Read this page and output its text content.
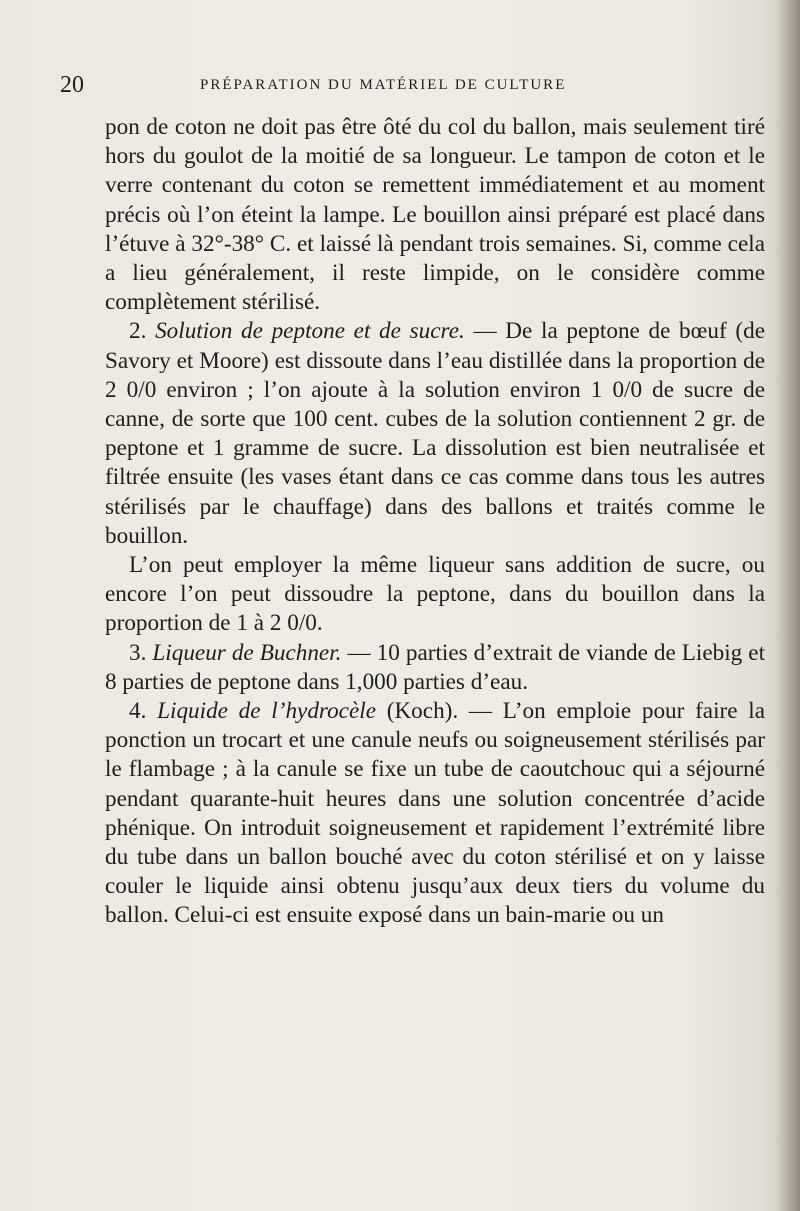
20	PRÉPARATION DU MATÉRIEL DE CULTURE

pon de coton ne doit pas être ôté du col du ballon, mais seulement tiré hors du goulot de la moitié de sa longueur. Le tampon de coton et le verre contenant du coton se remettent immédiatement et au moment précis où l’on éteint la lampe. Le bouillon ainsi préparé est placé dans l’étuve à 32°-38° C. et laissé là pendant trois semaines. Si, comme cela a lieu généralement, il reste limpide, on le considère comme complètement stérilisé.

2. Solution de peptone et de sucre. — De la peptone de bœuf (de Savory et Moore) est dissoute dans l’eau distillée dans la proportion de 2 0/0 environ ; l’on ajoute à la solution environ 1 0/0 de sucre de canne, de sorte que 100 cent. cubes de la solution contiennent 2 gr. de peptone et 1 gramme de sucre. La dissolution est bien neutralisée et filtrée ensuite (les vases étant dans ce cas comme dans tous les autres stérilisés par le chauffage) dans des ballons et traités comme le bouillon.

L’on peut employer la même liqueur sans addition de sucre, ou encore l’on peut dissoudre la peptone, dans du bouillon dans la proportion de 1 à 2 0/0.

3. Liqueur de Buchner. — 10 parties d’extrait de viande de Liebig et 8 parties de peptone dans 1,000 parties d’eau.

4. Liquide de l’hydrocèle (Koch). — L’on emploie pour faire la ponction un trocart et une canule neufs ou soigneusement stérilisés par le flambage ; à la canule se fixe un tube de caoutchouc qui a séjourné pendant quarante-huit heures dans une solution concentrée d’acide phénique. On introduit soigneusement et rapidement l’extrémité libre du tube dans un ballon bouché avec du coton stérilisé et on y laisse couler le liquide ainsi obtenu jusqu’aux deux tiers du volume du ballon. Celui-ci est ensuite exposé dans un bain-marie ou un
